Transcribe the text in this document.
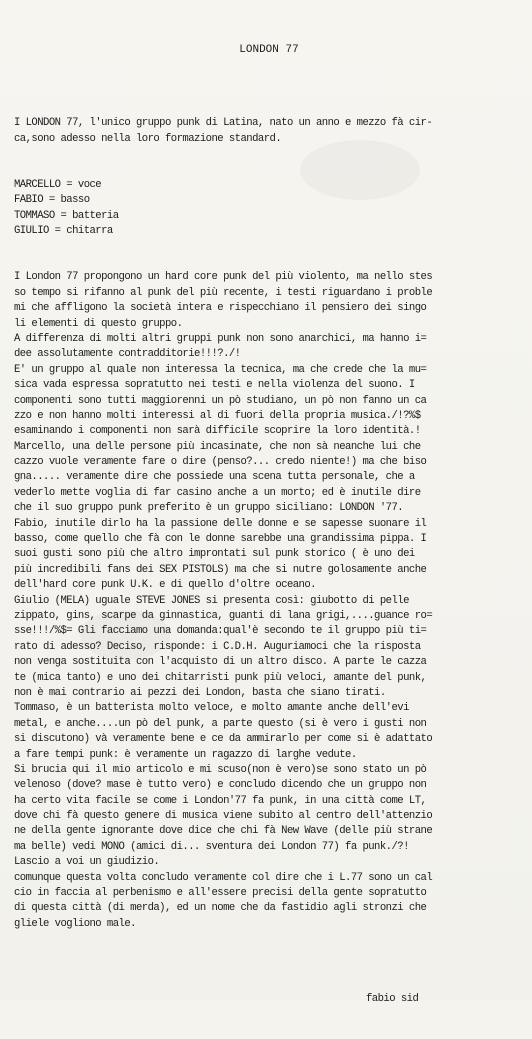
LONDON 77

I LONDON 77, l'unico gruppo punk di Latina, nato un anno e mezzo fà cir-
ca,sono adesso nella loro formazione standard.

MARCELLO = voce
FABIO = basso
TOMMASO = batteria
GIULIO = chitarra

I London 77 propongono un hard core punk del più violento, ma nello stes
so tempo si rifanno al punk del più recente, i testi riguardano i proble
mi che affligono la società intera e rispecchiano il pensiero dei singo
li elementi di questo gruppo.
A differenza di molti altri gruppi punk non sono anarchici, ma hanno i=
dee assolutamente contradditorie!!!?./!
E' un gruppo al quale non interessa la tecnica, ma che crede che la mu=
sica vada espressa sopratutto nei testi e nella violenza del suono. I
componenti sono tutti maggiorenni un pò studiano, un pò non fanno un ca
zzo e non hanno molti interessi al di fuori della propria musica./!?%$
esaminando i componenti non sarà difficile scoprire la loro identità.!
Marcello, una delle persone più incasinate, che non sà neanche lui che
cazzo vuole veramente fare o dire (penso?... credo niente!) ma che biso
gna..... veramente dire che possiede una scena tutta personale, che a
vederlo mette voglia di far casino anche a un morto; ed è inutile dire
che il suo gruppo punk preferito è un gruppo siciliano: LONDON '77.
Fabio, inutile dirlo ha la passione delle donne e se sapesse suonare il
basso, come quello che fà con le donne sarebbe una grandissima pippa. I
suoi gusti sono più che altro improntati sul punk storico ( è uno dei
più incredibili fans dei SEX PISTOLS) ma che si nutre golosamente anche
dell'hard core punk U.K. e di quello d'oltre oceano.
Giulio (MELA) uguale STEVE JONES si presenta così: giubotto di pelle
zippato, gins, scarpe da ginnastica, guanti di lana grigi,....guance ro=
sse!!!/%$= Gli facciamo una domanda:qual'è secondo te il gruppo più ti=
rato di adesso? Deciso, risponde: i C.D.H. Auguriamoci che la risposta
non venga sostituita con l'acquisto di un altro disco. A parte le cazza
te (mica tanto) e uno dei chitarristi punk più veloci, amante del punk,
non è mai contrario ai pezzi dei London, basta che siano tirati.
Tommaso, è un batterista molto veloce, e molto amante anche dell'evi
metal, e anche....un pò del punk, a parte questo (si è vero i gusti non
si discutono) và veramente bene e ce da ammirarlo per come si è adattato
a fare tempi punk: è veramente un ragazzo di larghe vedute.
Si brucia qui il mio articolo e mi scuso(non è vero)se sono stato un pò
velenoso (dove? mase è tutto vero) e concludo dicendo che un gruppo non
ha certo vita facile se come i London'77 fa punk, in una città come LT,
dove chi fà questo genere di musica viene subito al centro dell'attenzio
ne della gente ignorante dove dice che chi fà New Wave (delle più strane
ma belle) vedi MONO (amici di... sventura dei London 77) fa punk./?!
Lascio a voi un giudizio.
comunque questa volta concludo veramente col dire che i L.77 sono un cal
cio in faccia al perbenismo e all'essere precisi della gente sopratutto
di questa città (di merda), ed un nome che da fastidio agli stronzi che
gliele vogliono male.

fabio sid
